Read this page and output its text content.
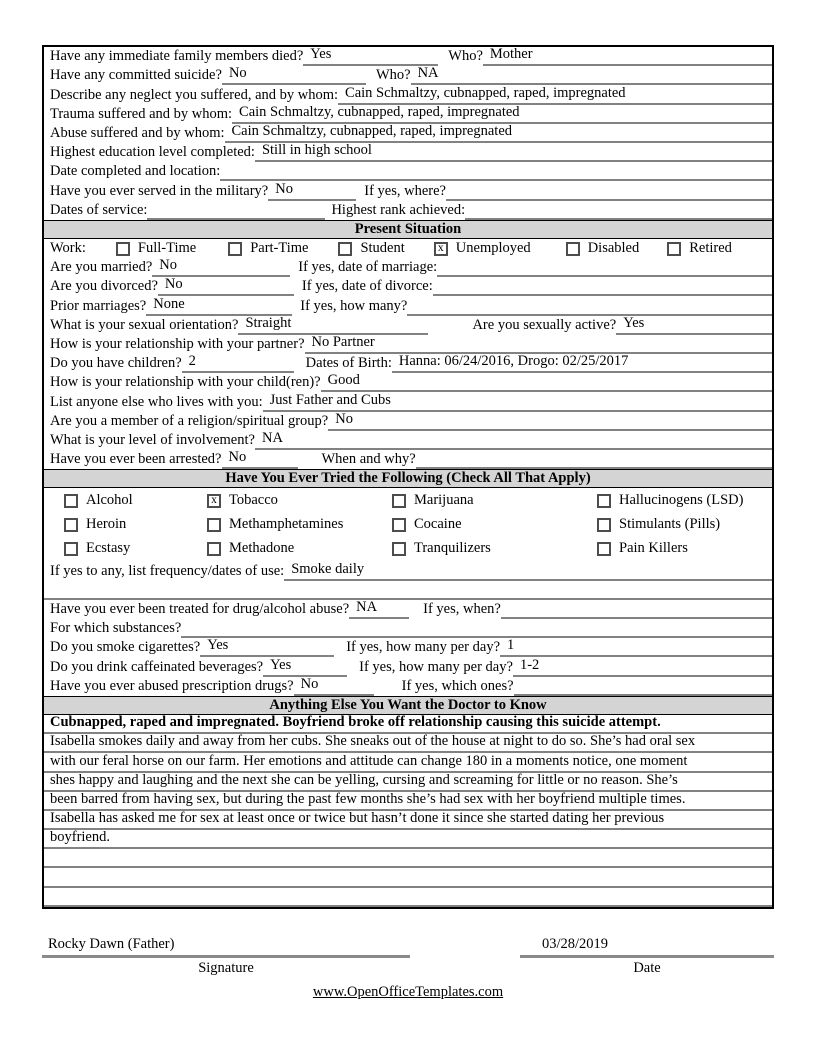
Have any immediate family members died? Yes	Who? Mother
Have any committed suicide? No	Who? NA
Describe any neglect you suffered, and by whom: Cain Schmaltzy, cubnapped, raped, impregnated
Trauma suffered and by whom: Cain Schmaltzy, cubnapped, raped, impregnated
Abuse suffered and by whom: Cain Schmaltzy, cubnapped, raped, impregnated
Highest education level completed: Still in high school
Date completed and location:
Have you ever served in the military? No	If yes, where?
Dates of service:	Highest rank achieved:
Present Situation
Work:	Full-Time	Part-Time	Student	x Unemployed	Disabled	Retired
Are you married? No	If yes, date of marriage:
Are you divorced? No	If yes, date of divorce:
Prior marriages? None	If yes, how many?
What is your sexual orientation? Straight	Are you sexually active? Yes
How is your relationship with your partner? No Partner
Do you have children? 2	Dates of Birth: Hanna: 06/24/2016, Drogo: 02/25/2017
How is your relationship with your child(ren)? Good
List anyone else who lives with you: Just Father and Cubs
Are you a member of a religion/spiritual group? No
What is your level of involvement? NA
Have you ever been arrested? No	When and why?
Have You Ever Tried the Following (Check All That Apply)
Alcohol	x Tobacco	Marijuana	Hallucinogens (LSD)
Heroin	Methamphetamines	Cocaine	Stimulants (Pills)
Ecstasy	Methadone	Tranquilizers	Pain Killers
If yes to any, list frequency/dates of use: Smoke daily
Have you ever been treated for drug/alcohol abuse? NA	If yes, when?
For which substances?
Do you smoke cigarettes? Yes	If yes, how many per day? 1
Do you drink caffeinated beverages? Yes	If yes, how many per day? 1-2
Have you ever abused prescription drugs? No	If yes, which ones?
Anything Else You Want the Doctor to Know
Cubnapped, raped and impregnated. Boyfriend broke off relationship causing this suicide attempt.
Isabella smokes daily and away from her cubs. She sneaks out of the house at night to do so. She’s had oral sex
with our feral horse on our farm. Her emotions and attitude can change 180 in a moments notice, one moment
shes happy and laughing and the next she can be yelling, cursing and screaming for little or no reason. She’s
been barred from having sex, but during the past few months she’s had sex with her boyfriend multiple times.
Isabella has asked me for sex at least once or twice but hasn’t done it since she started dating her previous
boyfriend.
Rocky Dawn (Father)
Signature
03/28/2019
Date
www.OpenOfficeTemplates.com
